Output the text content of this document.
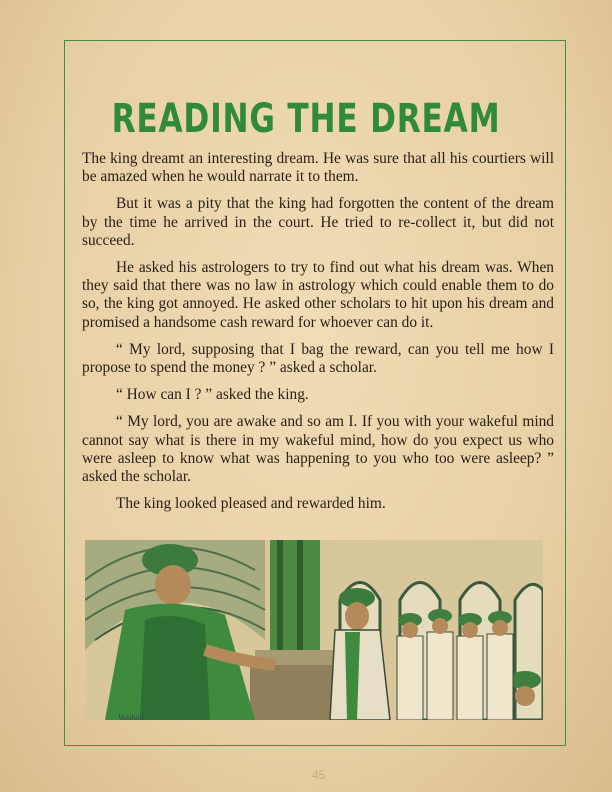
READING THE DREAM

The king dreamt an interesting dream. He was sure that all his courtiers will be amazed when he would narrate it to them.

But it was a pity that the king had forgotten the content of the dream by the time he arrived in the court. He tried to re-collect it, but did not succeed.

He asked his astrologers to try to find out what his dream was. When they said that there was no law in astrology which could enable them to do so, the king got annoyed. He asked other scholars to hit upon his dream and promised a handsome cash reward for whoever can do it.

“ My lord, supposing that I bag the reward, can you tell me how I propose to spend the money ? ” asked a scholar.

“ How can I ? ” asked the king.

“ My lord, you are awake and so am I. If you with your wakeful mind cannot say what is there in my wakeful mind, how do you expect us who were asleep to know what was happening to you who too were asleep? ” asked the scholar.

The king looked pleased and rewarded him.

Vaishali
45
